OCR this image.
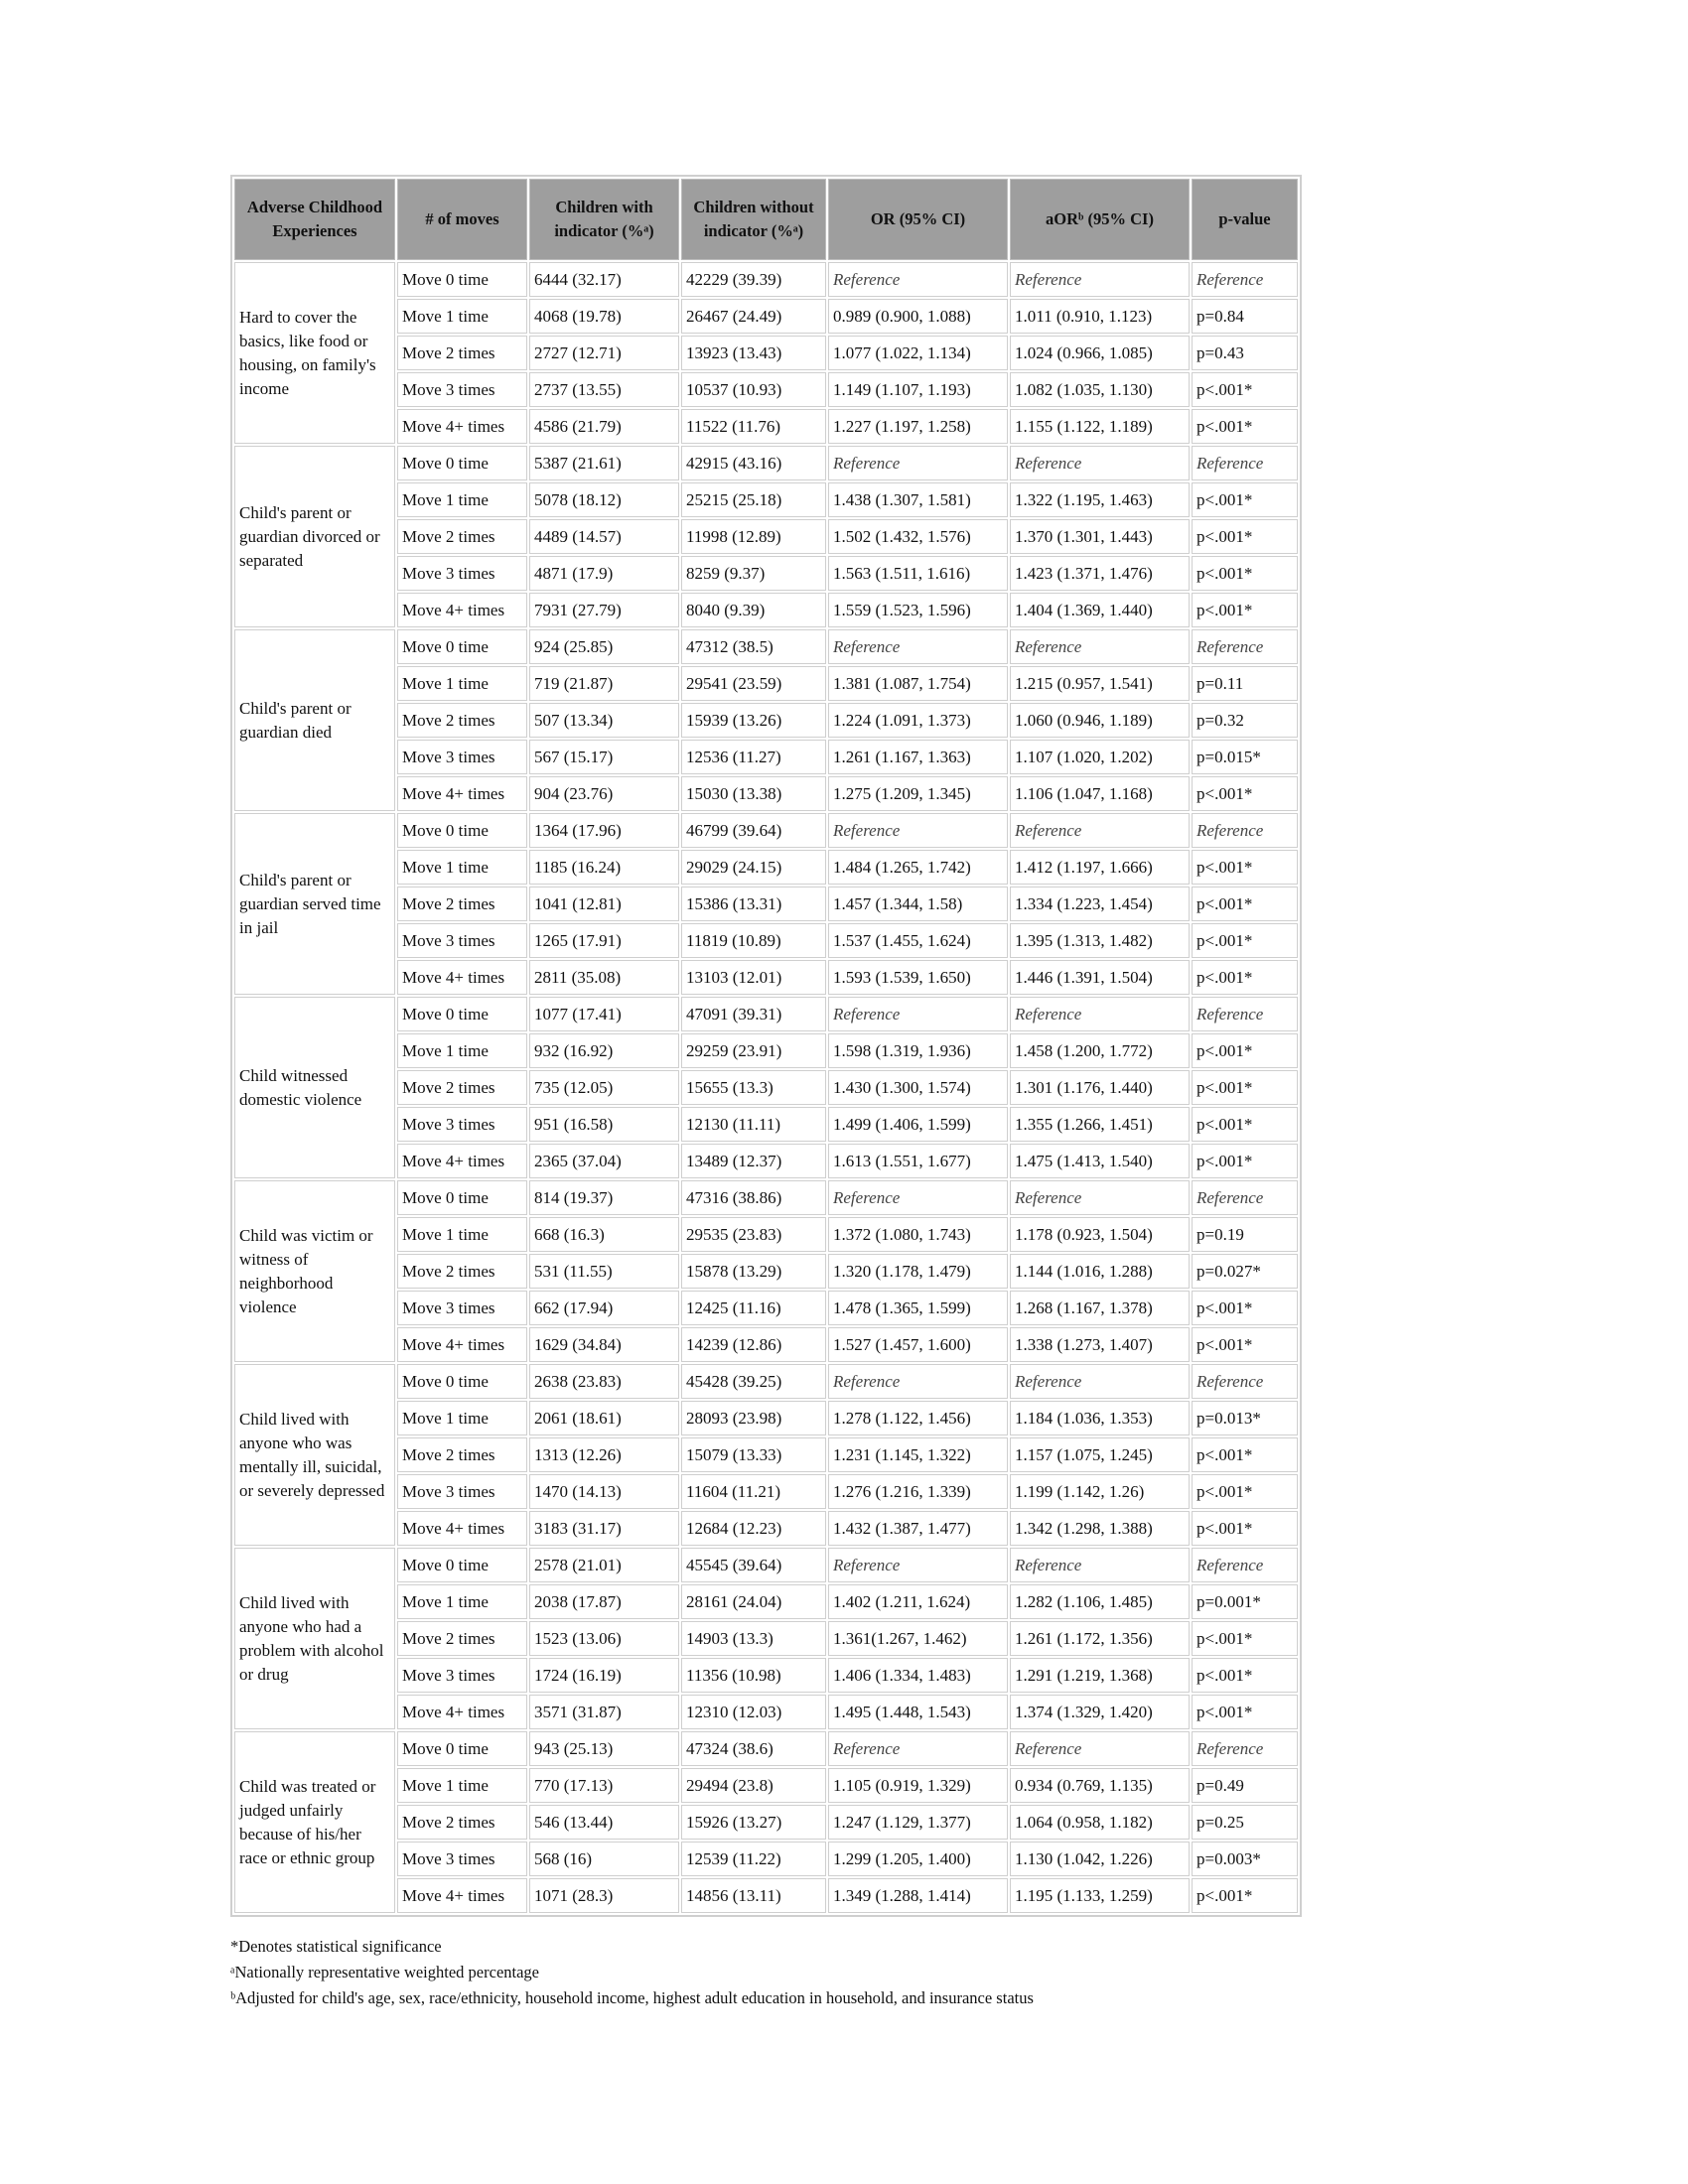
Adverse Childhood Experiences	# of moves	Children with indicator (%ᵃ)	Children without indicator (%ᵃ)	OR (95% CI)	aORᵇ (95% CI)	p-value
Hard to cover the basics, like food or housing, on family's income	Move 0 time	6444 (32.17)	42229 (39.39)	Reference	Reference	Reference
	Move 1 time	4068 (19.78)	26467 (24.49)	0.989 (0.900, 1.088)	1.011 (0.910, 1.123)	p=0.84
	Move 2 times	2727 (12.71)	13923 (13.43)	1.077 (1.022, 1.134)	1.024 (0.966, 1.085)	p=0.43
	Move 3 times	2737 (13.55)	10537 (10.93)	1.149 (1.107, 1.193)	1.082 (1.035, 1.130)	p<.001*
	Move 4+ times	4586 (21.79)	11522 (11.76)	1.227 (1.197, 1.258)	1.155 (1.122, 1.189)	p<.001*
Child's parent or guardian divorced or separated	Move 0 time	5387 (21.61)	42915 (43.16)	Reference	Reference	Reference
	Move 1 time	5078 (18.12)	25215 (25.18)	1.438 (1.307, 1.581)	1.322 (1.195, 1.463)	p<.001*
	Move 2 times	4489 (14.57)	11998 (12.89)	1.502 (1.432, 1.576)	1.370 (1.301, 1.443)	p<.001*
	Move 3 times	4871 (17.9)	8259 (9.37)	1.563 (1.511, 1.616)	1.423 (1.371, 1.476)	p<.001*
	Move 4+ times	7931 (27.79)	8040 (9.39)	1.559 (1.523, 1.596)	1.404 (1.369, 1.440)	p<.001*
Child's parent or guardian died	Move 0 time	924 (25.85)	47312 (38.5)	Reference	Reference	Reference
	Move 1 time	719 (21.87)	29541 (23.59)	1.381 (1.087, 1.754)	1.215 (0.957, 1.541)	p=0.11
	Move 2 times	507 (13.34)	15939 (13.26)	1.224 (1.091, 1.373)	1.060 (0.946, 1.189)	p=0.32
	Move 3 times	567 (15.17)	12536 (11.27)	1.261 (1.167, 1.363)	1.107 (1.020, 1.202)	p=0.015*
	Move 4+ times	904 (23.76)	15030 (13.38)	1.275 (1.209, 1.345)	1.106 (1.047, 1.168)	p<.001*
Child's parent or guardian served time in jail	Move 0 time	1364 (17.96)	46799 (39.64)	Reference	Reference	Reference
	Move 1 time	1185 (16.24)	29029 (24.15)	1.484 (1.265, 1.742)	1.412 (1.197, 1.666)	p<.001*
	Move 2 times	1041 (12.81)	15386 (13.31)	1.457 (1.344, 1.58)	1.334 (1.223, 1.454)	p<.001*
	Move 3 times	1265 (17.91)	11819 (10.89)	1.537 (1.455, 1.624)	1.395 (1.313, 1.482)	p<.001*
	Move 4+ times	2811 (35.08)	13103 (12.01)	1.593 (1.539, 1.650)	1.446 (1.391, 1.504)	p<.001*
Child witnessed domestic violence	Move 0 time	1077 (17.41)	47091 (39.31)	Reference	Reference	Reference
	Move 1 time	932 (16.92)	29259 (23.91)	1.598 (1.319, 1.936)	1.458 (1.200, 1.772)	p<.001*
	Move 2 times	735 (12.05)	15655 (13.3)	1.430 (1.300, 1.574)	1.301 (1.176, 1.440)	p<.001*
	Move 3 times	951 (16.58)	12130 (11.11)	1.499 (1.406, 1.599)	1.355 (1.266, 1.451)	p<.001*
	Move 4+ times	2365 (37.04)	13489 (12.37)	1.613 (1.551, 1.677)	1.475 (1.413, 1.540)	p<.001*
Child was victim or witness of neighborhood violence	Move 0 time	814 (19.37)	47316 (38.86)	Reference	Reference	Reference
	Move 1 time	668 (16.3)	29535 (23.83)	1.372 (1.080, 1.743)	1.178 (0.923, 1.504)	p=0.19
	Move 2 times	531 (11.55)	15878 (13.29)	1.320 (1.178, 1.479)	1.144 (1.016, 1.288)	p=0.027*
	Move 3 times	662 (17.94)	12425 (11.16)	1.478 (1.365, 1.599)	1.268 (1.167, 1.378)	p<.001*
	Move 4+ times	1629 (34.84)	14239 (12.86)	1.527 (1.457, 1.600)	1.338 (1.273, 1.407)	p<.001*
Child lived with anyone who was mentally ill, suicidal, or severely depressed	Move 0 time	2638 (23.83)	45428 (39.25)	Reference	Reference	Reference
	Move 1 time	2061 (18.61)	28093 (23.98)	1.278 (1.122, 1.456)	1.184 (1.036, 1.353)	p=0.013*
	Move 2 times	1313 (12.26)	15079 (13.33)	1.231 (1.145, 1.322)	1.157 (1.075, 1.245)	p<.001*
	Move 3 times	1470 (14.13)	11604 (11.21)	1.276 (1.216, 1.339)	1.199 (1.142, 1.26)	p<.001*
	Move 4+ times	3183 (31.17)	12684 (12.23)	1.432 (1.387, 1.477)	1.342 (1.298, 1.388)	p<.001*
Child lived with anyone who had a problem with alcohol or drug	Move 0 time	2578 (21.01)	45545 (39.64)	Reference	Reference	Reference
	Move 1 time	2038 (17.87)	28161 (24.04)	1.402 (1.211, 1.624)	1.282 (1.106, 1.485)	p=0.001*
	Move 2 times	1523 (13.06)	14903 (13.3)	1.361(1.267, 1.462)	1.261 (1.172, 1.356)	p<.001*
	Move 3 times	1724 (16.19)	11356 (10.98)	1.406 (1.334, 1.483)	1.291 (1.219, 1.368)	p<.001*
	Move 4+ times	3571 (31.87)	12310 (12.03)	1.495 (1.448, 1.543)	1.374 (1.329, 1.420)	p<.001*
Child was treated or judged unfairly because of his/her race or ethnic group	Move 0 time	943 (25.13)	47324 (38.6)	Reference	Reference	Reference
	Move 1 time	770 (17.13)	29494 (23.8)	1.105 (0.919, 1.329)	0.934 (0.769, 1.135)	p=0.49
	Move 2 times	546 (13.44)	15926 (13.27)	1.247 (1.129, 1.377)	1.064 (0.958, 1.182)	p=0.25
	Move 3 times	568 (16)	12539 (11.22)	1.299 (1.205, 1.400)	1.130 (1.042, 1.226)	p=0.003*
	Move 4+ times	1071 (28.3)	14856 (13.11)	1.349 (1.288, 1.414)	1.195 (1.133, 1.259)	p<.001*
*Denotes statistical significance
ᵃNationally representative weighted percentage
ᵇAdjusted for child's age, sex, race/ethnicity, household income, highest adult education in household, and insurance status
